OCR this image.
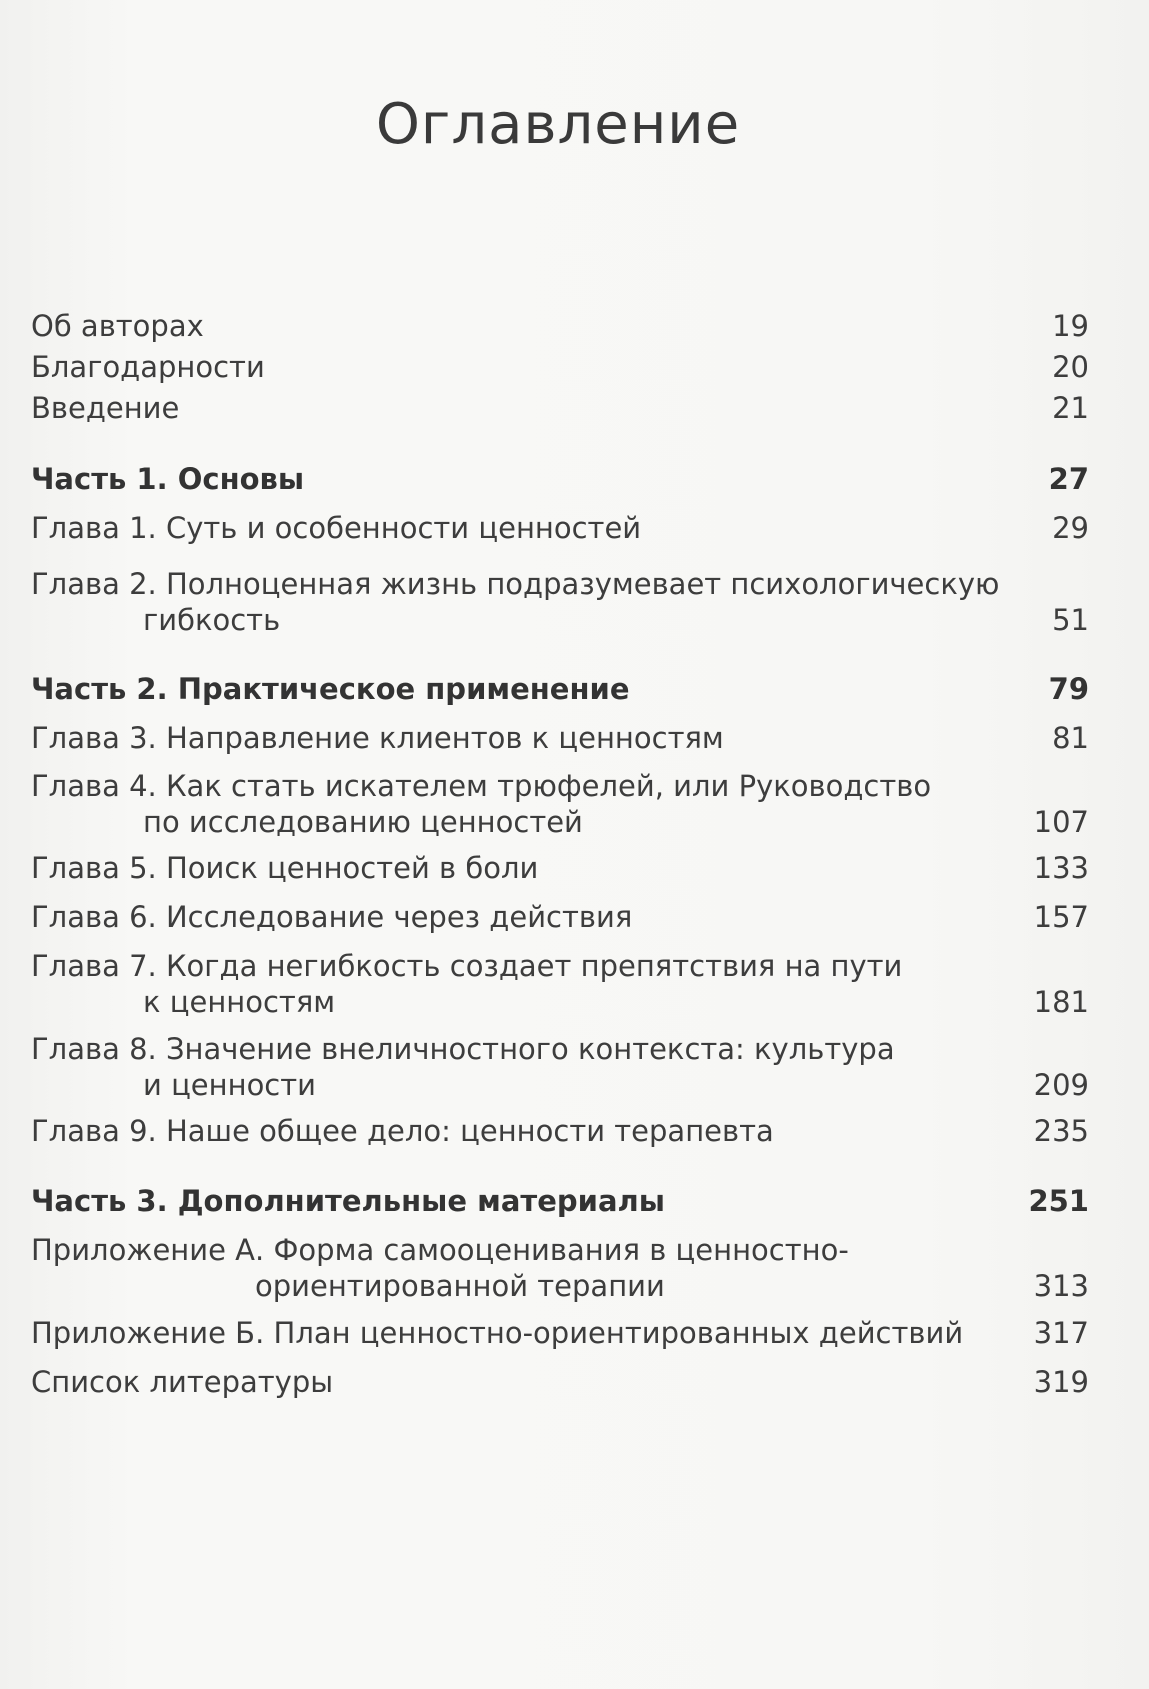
Оглавление
Об авторах	19
Благодарности	20
Введение	21
Часть 1. Основы	27
Глава 1. Суть и особенности ценностей	29
Глава 2. Полноценная жизнь подразумевает психологическую
гибкость	51
Часть 2. Практическое применение	79
Глава 3. Направление клиентов к ценностям	81
Глава 4. Как стать искателем трюфелей, или Руководство
по исследованию ценностей	107
Глава 5. Поиск ценностей в боли	133
Глава 6. Исследование через действия	157
Глава 7. Когда негибкость создает препятствия на пути
к ценностям	181
Глава 8. Значение внеличностного контекста: культура
и ценности	209
Глава 9. Наше общее дело: ценности терапевта	235
Часть 3. Дополнительные материалы	251
Приложение А. Форма самооценивания в ценностно-
ориентированной терапии	313
Приложение Б. План ценностно-ориентированных действий 317
Список литературы	319
